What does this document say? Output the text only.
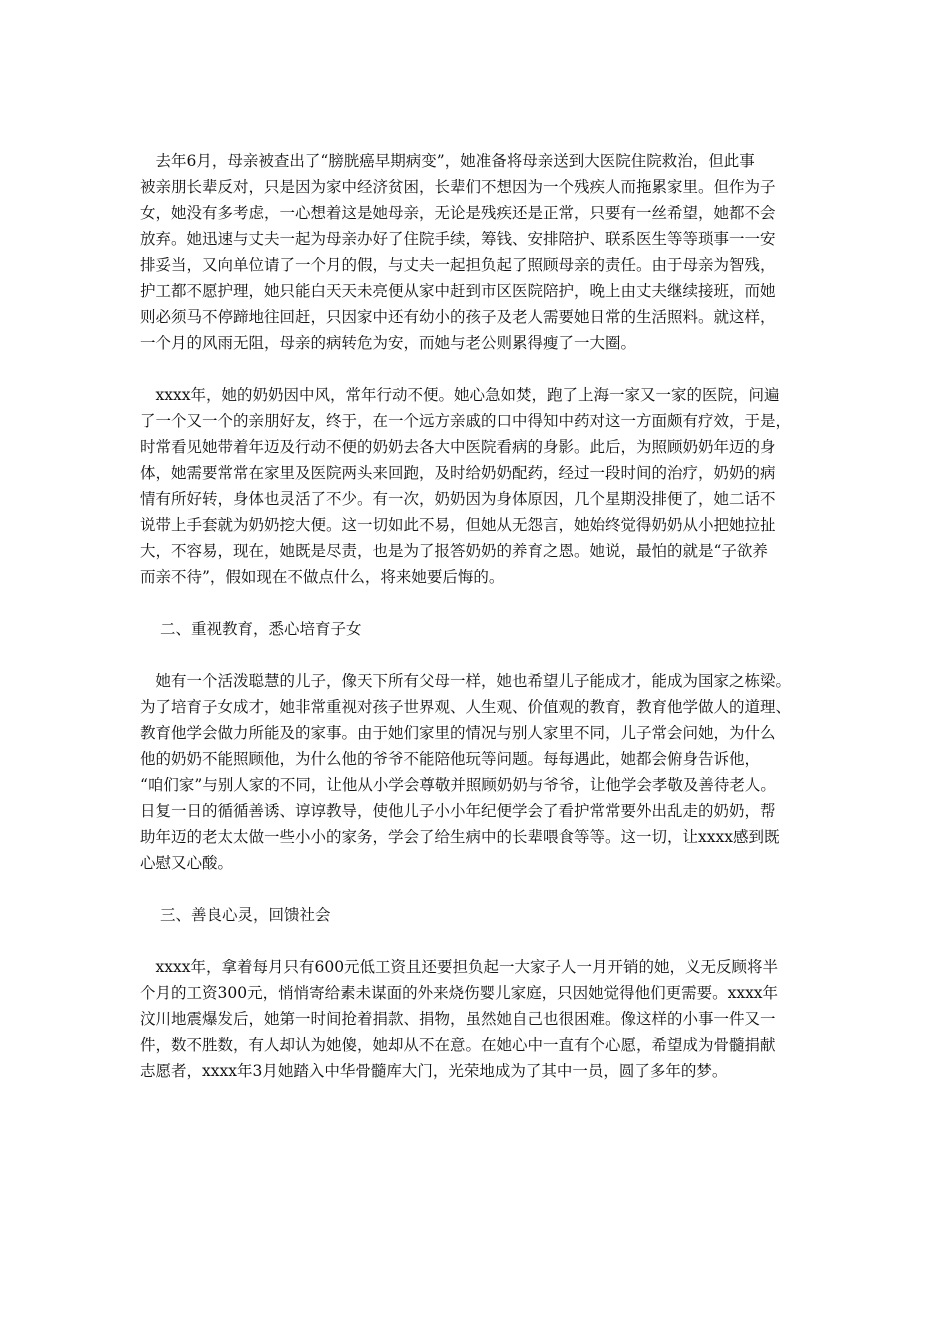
　去年6月，母亲被查出了“膀胱癌早期病变”，她准备将母亲送到大医院住院救治，但此事
被亲朋长辈反对，只是因为家中经济贫困，长辈们不想因为一个残疾人而拖累家里。但作为子
女，她没有多考虑，一心想着这是她母亲，无论是残疾还是正常，只要有一丝希望，她都不会
放弃。她迅速与丈夫一起为母亲办好了住院手续，筹钱、安排陪护、联系医生等等琐事一一安
排妥当，又向单位请了一个月的假，与丈夫一起担负起了照顾母亲的责任。由于母亲为智残，
护工都不愿护理，她只能白天天未亮便从家中赶到市区医院陪护，晚上由丈夫继续接班，而她
则必须马不停蹄地往回赶，只因家中还有幼小的孩子及老人需要她日常的生活照料。就这样，
一个月的风雨无阻，母亲的病转危为安，而她与老公则累得瘦了一大圈。
　xxxx年，她的奶奶因中风，常年行动不便。她心急如焚，跑了上海一家又一家的医院，问遍
了一个又一个的亲朋好友，终于，在一个远方亲戚的口中得知中药对这一方面颇有疗效，于是，
时常看见她带着年迈及行动不便的奶奶去各大中医院看病的身影。此后，为照顾奶奶年迈的身
体，她需要常常在家里及医院两头来回跑，及时给奶奶配药，经过一段时间的治疗，奶奶的病
情有所好转，身体也灵活了不少。有一次，奶奶因为身体原因，几个星期没排便了，她二话不
说带上手套就为奶奶挖大便。这一切如此不易，但她从无怨言，她始终觉得奶奶从小把她拉扯
大，不容易，现在，她既是尽责，也是为了报答奶奶的养育之恩。她说，最怕的就是“子欲养
而亲不待”，假如现在不做点什么，将来她要后悔的。

二、重视教育，悉心培育子女

　她有一个活泼聪慧的儿子，像天下所有父母一样，她也希望儿子能成才，能成为国家之栋梁。
为了培育子女成才，她非常重视对孩子世界观、人生观、价值观的教育，教育他学做人的道理、
教育他学会做力所能及的家事。由于她们家里的情况与别人家里不同，儿子常会问她，为什么
他的奶奶不能照顾他，为什么他的爷爷不能陪他玩等问题。每每遇此，她都会俯身告诉他，
“咱们家”与别人家的不同，让他从小学会尊敬并照顾奶奶与爷爷，让他学会孝敬及善待老人。
日复一日的循循善诱、谆谆教导，使他儿子小小年纪便学会了看护常常要外出乱走的奶奶，帮
助年迈的老太太做一些小小的家务，学会了给生病中的长辈喂食等等。这一切，让xxxx感到既
心慰又心酸。

三、善良心灵，回馈社会

　xxxx年，拿着每月只有600元低工资且还要担负起一大家子人一月开销的她，义无反顾将半
个月的工资300元，悄悄寄给素未谋面的外来烧伤婴儿家庭，只因她觉得他们更需要。xxxx年
汶川地震爆发后，她第一时间抢着捐款、捐物，虽然她自己也很困难。像这样的小事一件又一
件，数不胜数，有人却认为她傻，她却从不在意。在她心中一直有个心愿，希望成为骨髓捐献
志愿者，xxxx年3月她踏入中华骨髓库大门，光荣地成为了其中一员，圆了多年的梦。
